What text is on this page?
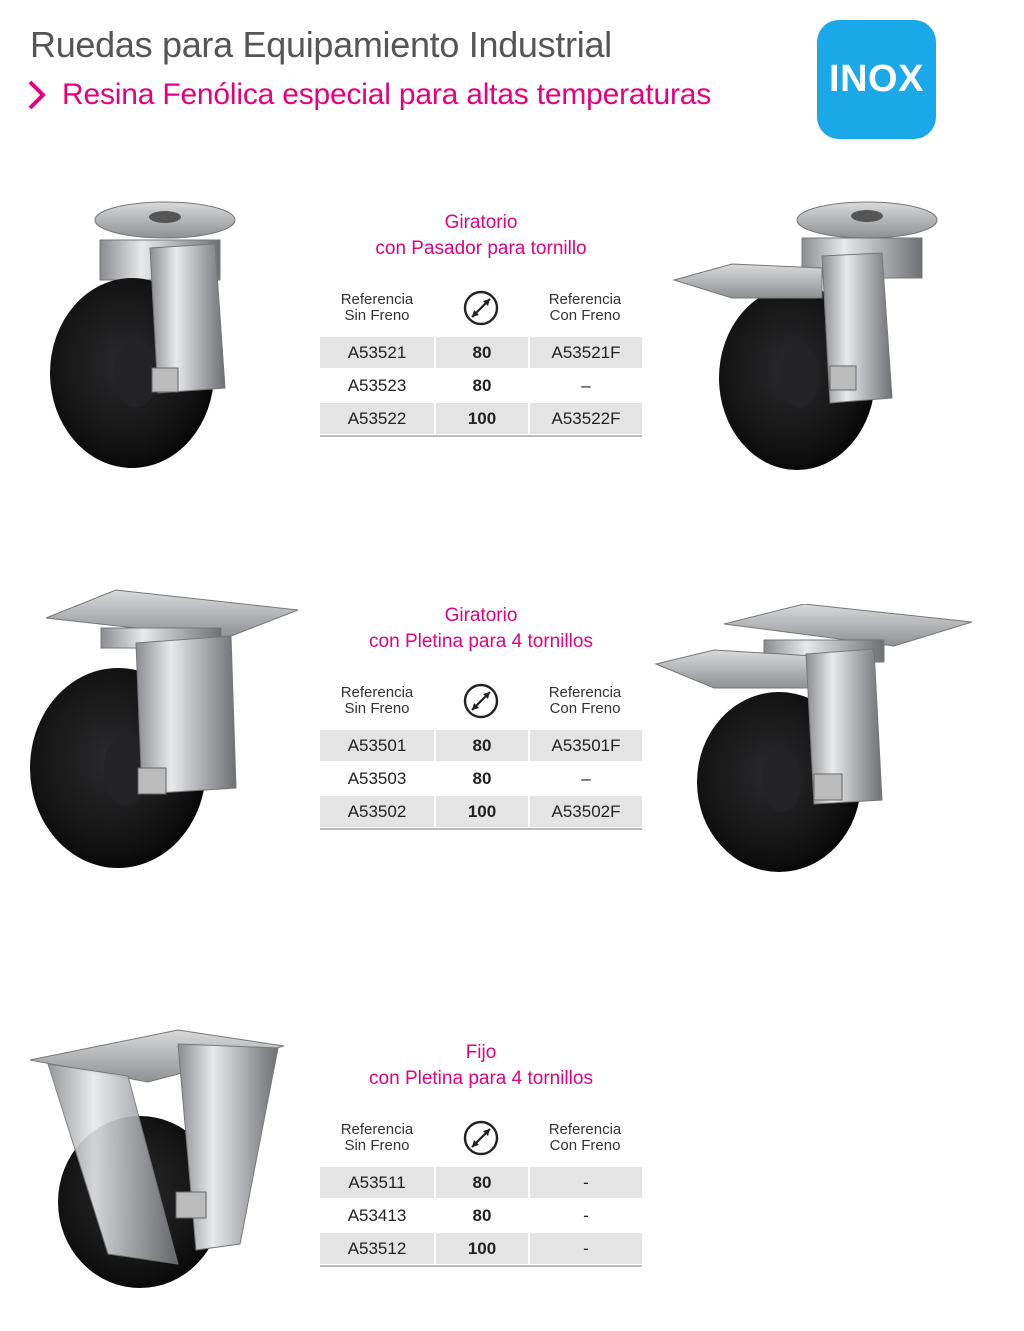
Ruedas para Equipamiento Industrial
Resina Fenólica especial para altas temperaturas	INOX
Giratorio
con Pasador para tornillo
Referencia
Sin Freno
Referencia
Con Freno
A53521	80	A53521F
A53523	80	–
A53522	100	A53522F
Giratorio
con Pletina para 4 tornillos
Referencia
Sin Freno
Referencia
Con Freno
A53501	80	A53501F
A53503	80	–
A53502	100	A53502F
Fijo
con Pletina para 4 tornillos
Referencia
Sin Freno
Referencia
Con Freno
A53511	80	-
A53413	80	-
A53512	100	-
